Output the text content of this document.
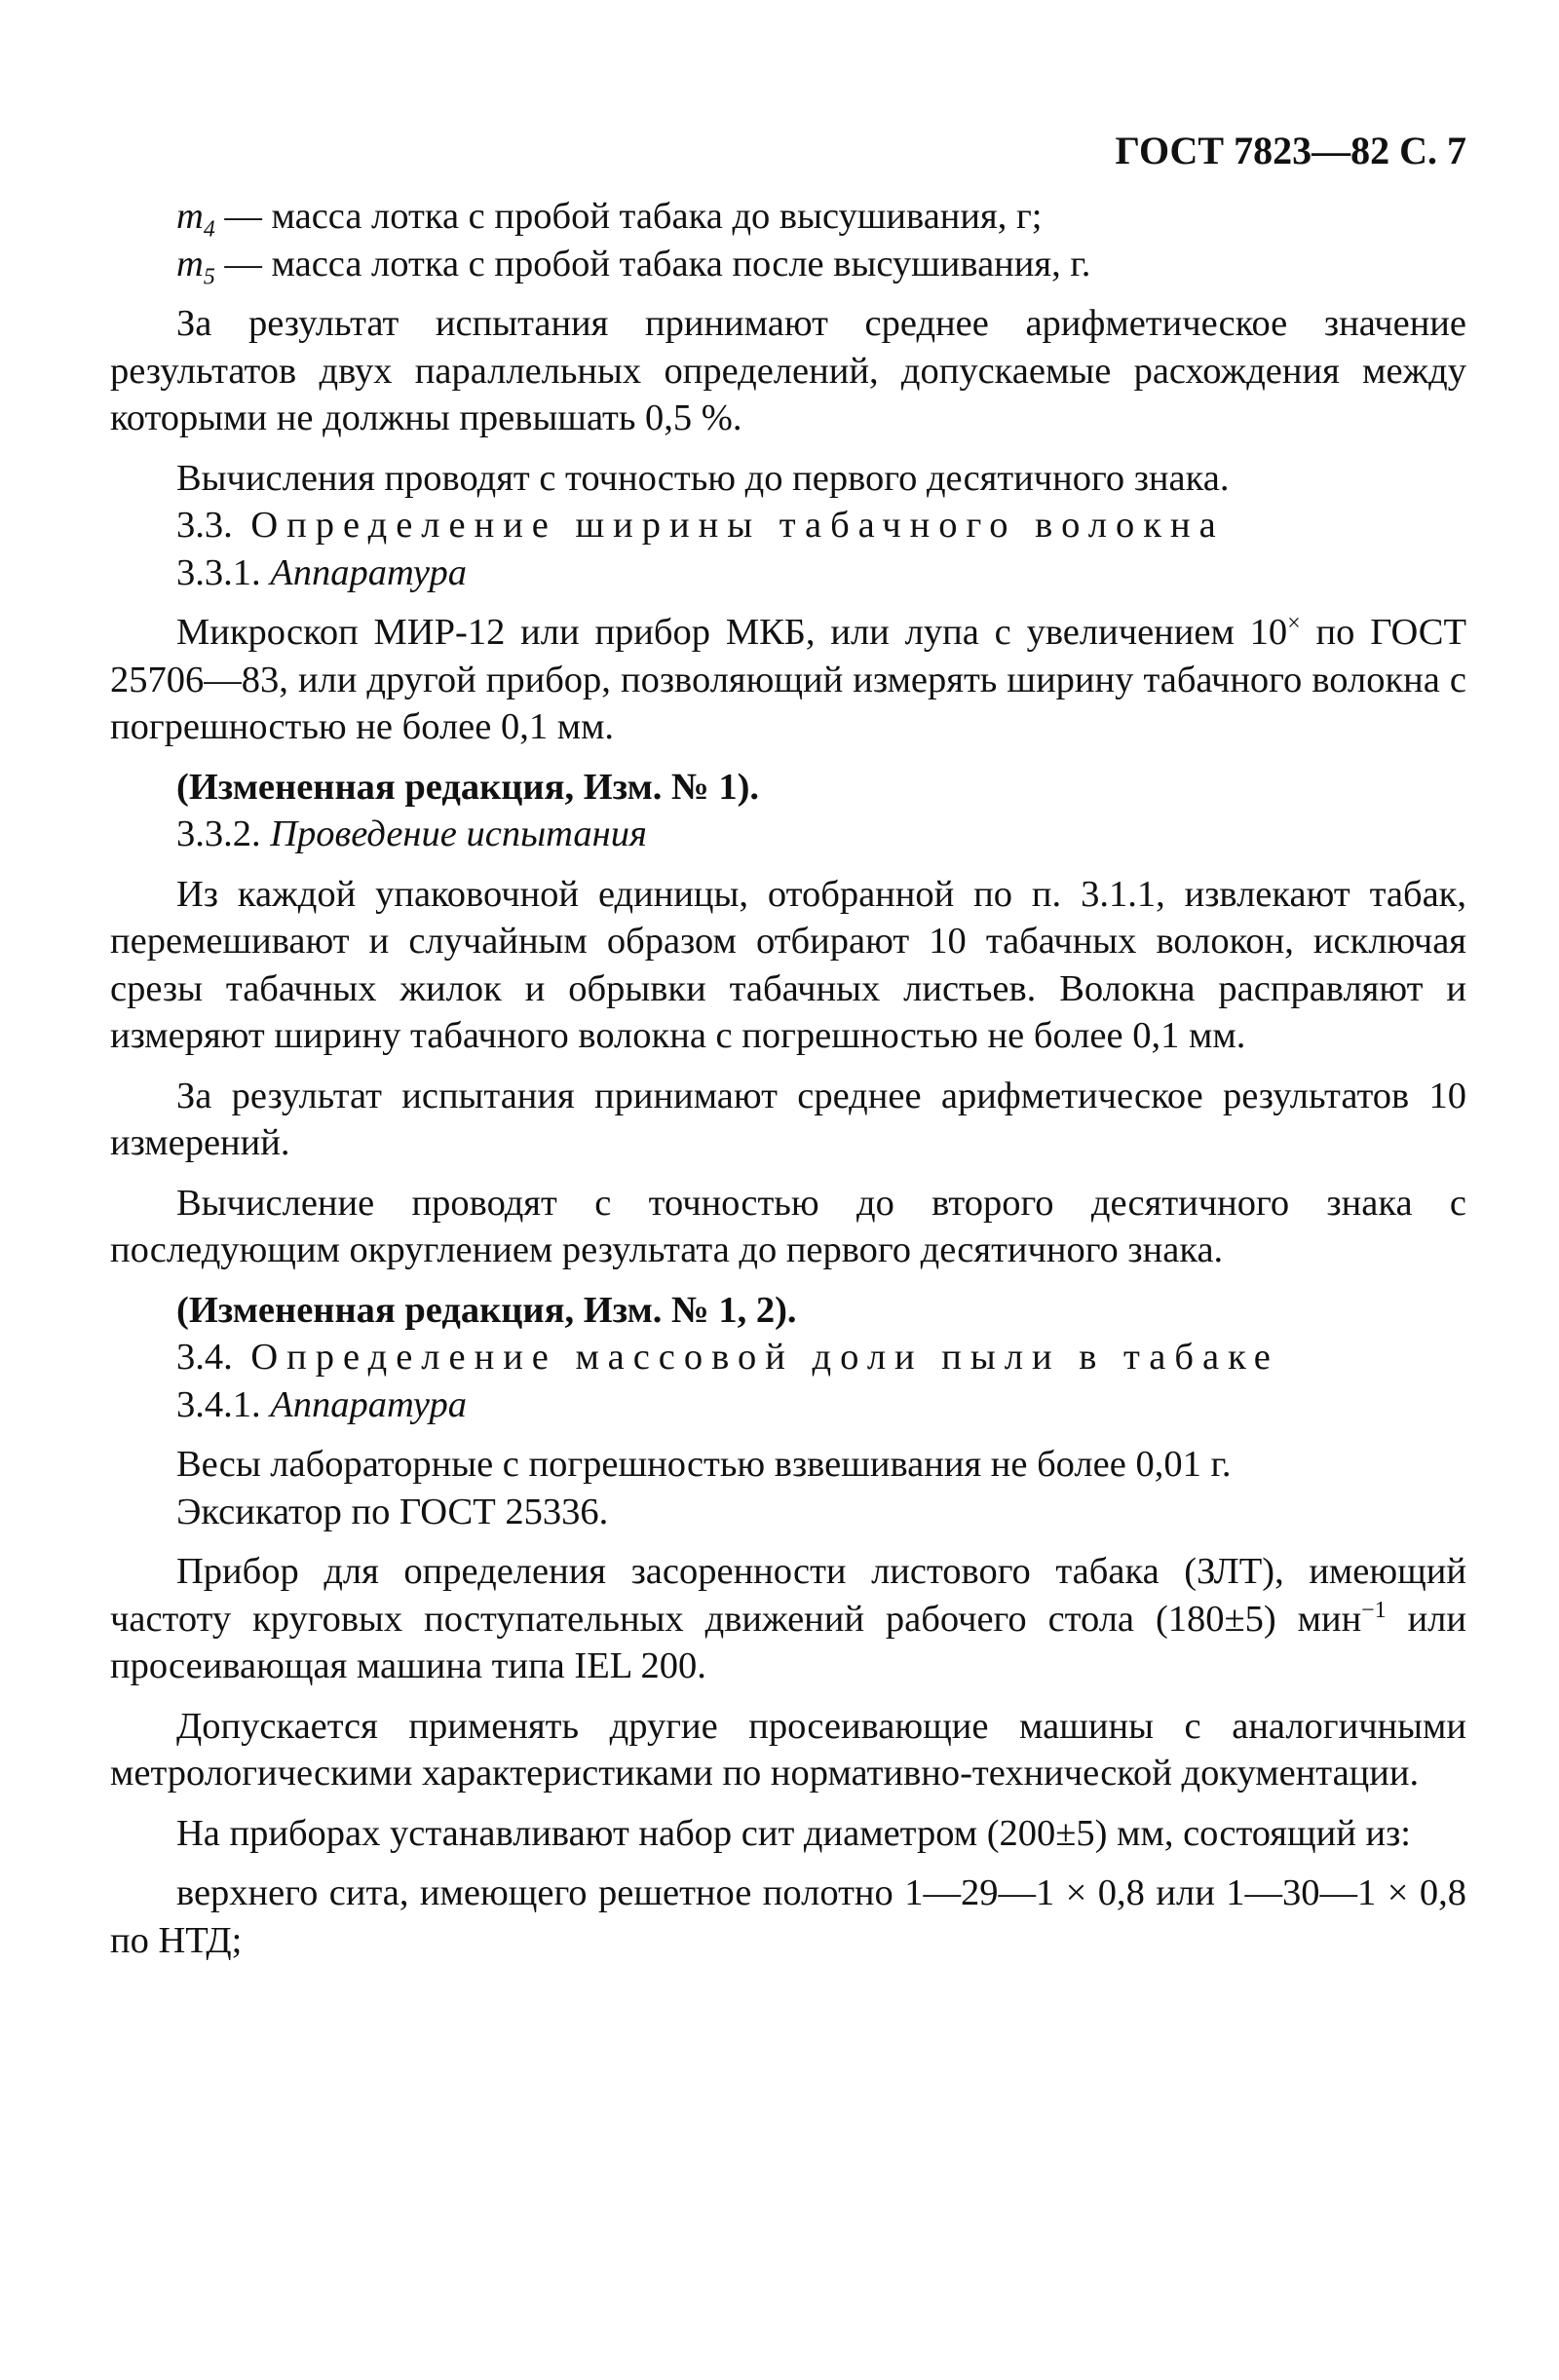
ГОСТ 7823—82 С. 7

$m_4$ — масса лотка с пробой табака до высушивания, г;

$m_5$ — масса лотка с пробой табака после высушивания, г.

За результат испытания принимают среднее арифметическое значение результатов двух параллельных определений, допускаемые расхождения между которыми не должны превышать 0,5 %.

Вычисления проводят с точностью до первого десятичного знака.

3.3. Определение ширины табачного волокна

3.3.1. Аппаратура

Микроскоп МИР-12 или прибор МКБ, или лупа с увеличением 10× по ГОСТ 25706—83, или другой прибор, позволяющий измерять ширину табачного волокна с погрешностью не более 0,1 мм.

(Измененная редакция, Изм. № 1).

3.3.2. Проведение испытания

Из каждой упаковочной единицы, отобранной по п. 3.1.1, извлекают табак, перемешивают и случайным образом отбирают 10 табачных волокон, исключая срезы табачных жилок и обрывки табачных листьев. Волокна расправляют и измеряют ширину табачного волокна с погрешностью не более 0,1 мм.

За результат испытания принимают среднее арифметическое результатов 10 измерений.

Вычисление проводят с точностью до второго десятичного знака с последующим округлением результата до первого десятичного знака.

(Измененная редакция, Изм. № 1, 2).

3.4. Определение массовой доли пыли в табаке

3.4.1. Аппаратура

Весы лабораторные с погрешностью взвешивания не более 0,01 г.

Эксикатор по ГОСТ 25336.

Прибор для определения засоренности листового табака (ЗЛТ), имеющий частоту круговых поступательных движений рабочего стола (180±5) мин$^{-1}$ или просеивающая машина типа IEL 200.

Допускается применять другие просеивающие машины с аналогичными метрологическими характеристиками по нормативно-технической документации.

На приборах устанавливают набор сит диаметром (200±5) мм, состоящий из:

верхнего сита, имеющего решетное полотно 1—29—1 × 0,8 или 1—30—1 × 0,8 по НТД;
